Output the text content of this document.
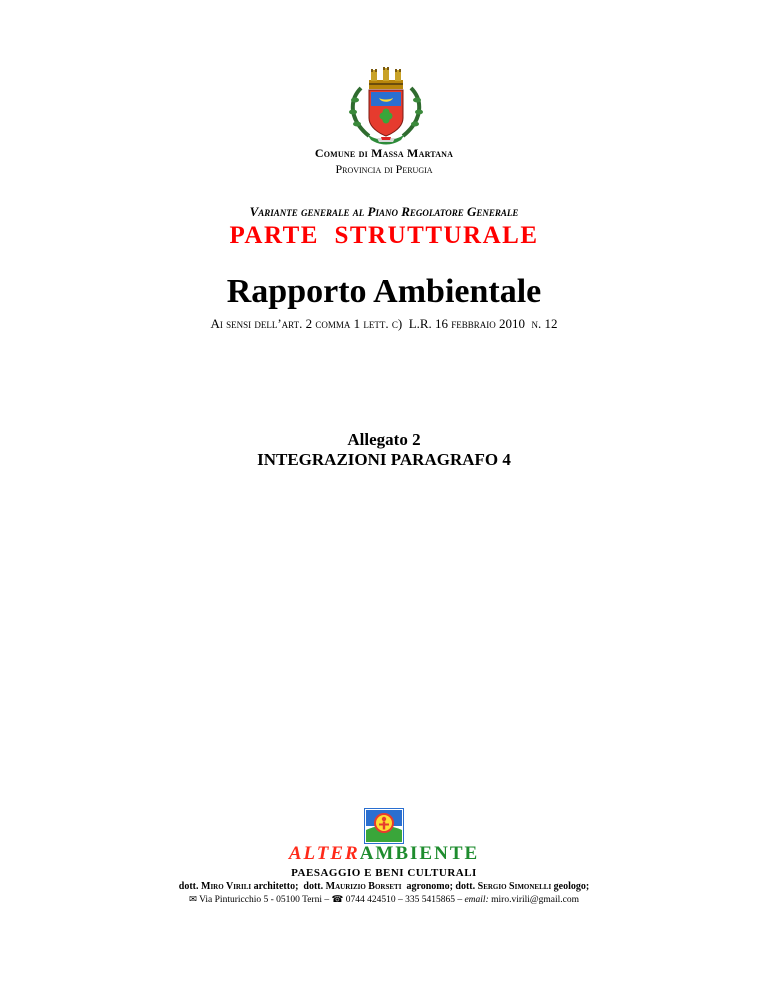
Comune di Massa Martana
Provincia di Perugia
Variante generale al Piano Regolatore Generale
PARTE  STRUTTURALE
Rapporto Ambientale
Ai sensi dell’art. 2 comma 1 lett. c)  L.R. 16 febbraio 2010  n. 12
Allegato 2
INTEGRAZIONI PARAGRAFO 4
ALTERAMBIENTE
PAESAGGIO E BENI CULTURALI
dott. Miro Virili architetto;  dott. Maurizio Borseti  agronomo; dott. Sergio Simonelli geologo;
✉ Via Pinturicchio 5 - 05100 Terni – ☎ 0744 424510 – 335 5415865 – email: miro.virili@gmail.com
